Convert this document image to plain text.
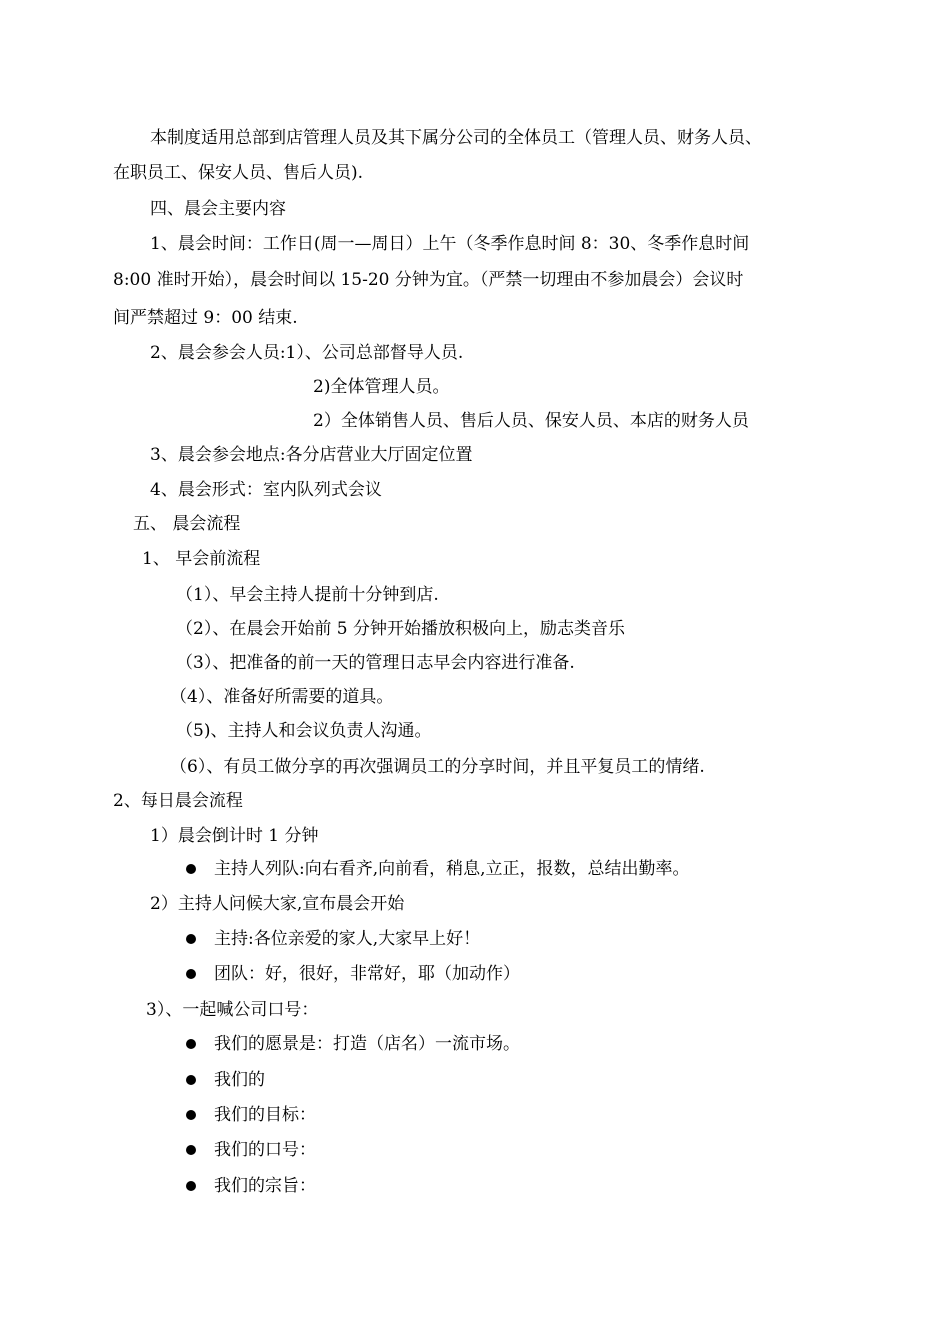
本制度适用总部到店管理人员及其下属分公司的全体员工（管理人员、财务人员、
在职员工、保安人员、售后人员).
四、晨会主要内容
1、晨会时间：工作日(周一—周日）上午（冬季作息时间 8：30、冬季作息时间
8:00 准时开始），晨会时间以 15-20 分钟为宜。（严禁一切理由不参加晨会）会议时
间严禁超过 9：00 结束.
2、晨会参会人员:1）、公司总部督导人员.
2)全体管理人员。
2）全体销售人员、售后人员、保安人员、本店的财务人员
3、晨会参会地点:各分店营业大厅固定位置
4、晨会形式：室内队列式会议
五、 晨会流程
1、 早会前流程
（1）、早会主持人提前十分钟到店.
（2）、在晨会开始前 5 分钟开始播放积极向上，励志类音乐
（3）、把准备的前一天的管理日志早会内容进行准备.
（4）、准备好所需要的道具。
（5)、主持人和会议负责人沟通。
（6）、有员工做分享的再次强调员工的分享时间，并且平复员工的情绪.
2、每日晨会流程
1）晨会倒计时 1 分钟
主持人列队:向右看齐,向前看，稍息,立正，报数，总结出勤率。
2）主持人问候大家,宣布晨会开始
主持:各位亲爱的家人,大家早上好！
团队：好，很好，非常好，耶（加动作）
3）、一起喊公司口号：
我们的愿景是：打造（店名）一流市场。
我们的
我们的目标：
我们的口号：
我们的宗旨：
